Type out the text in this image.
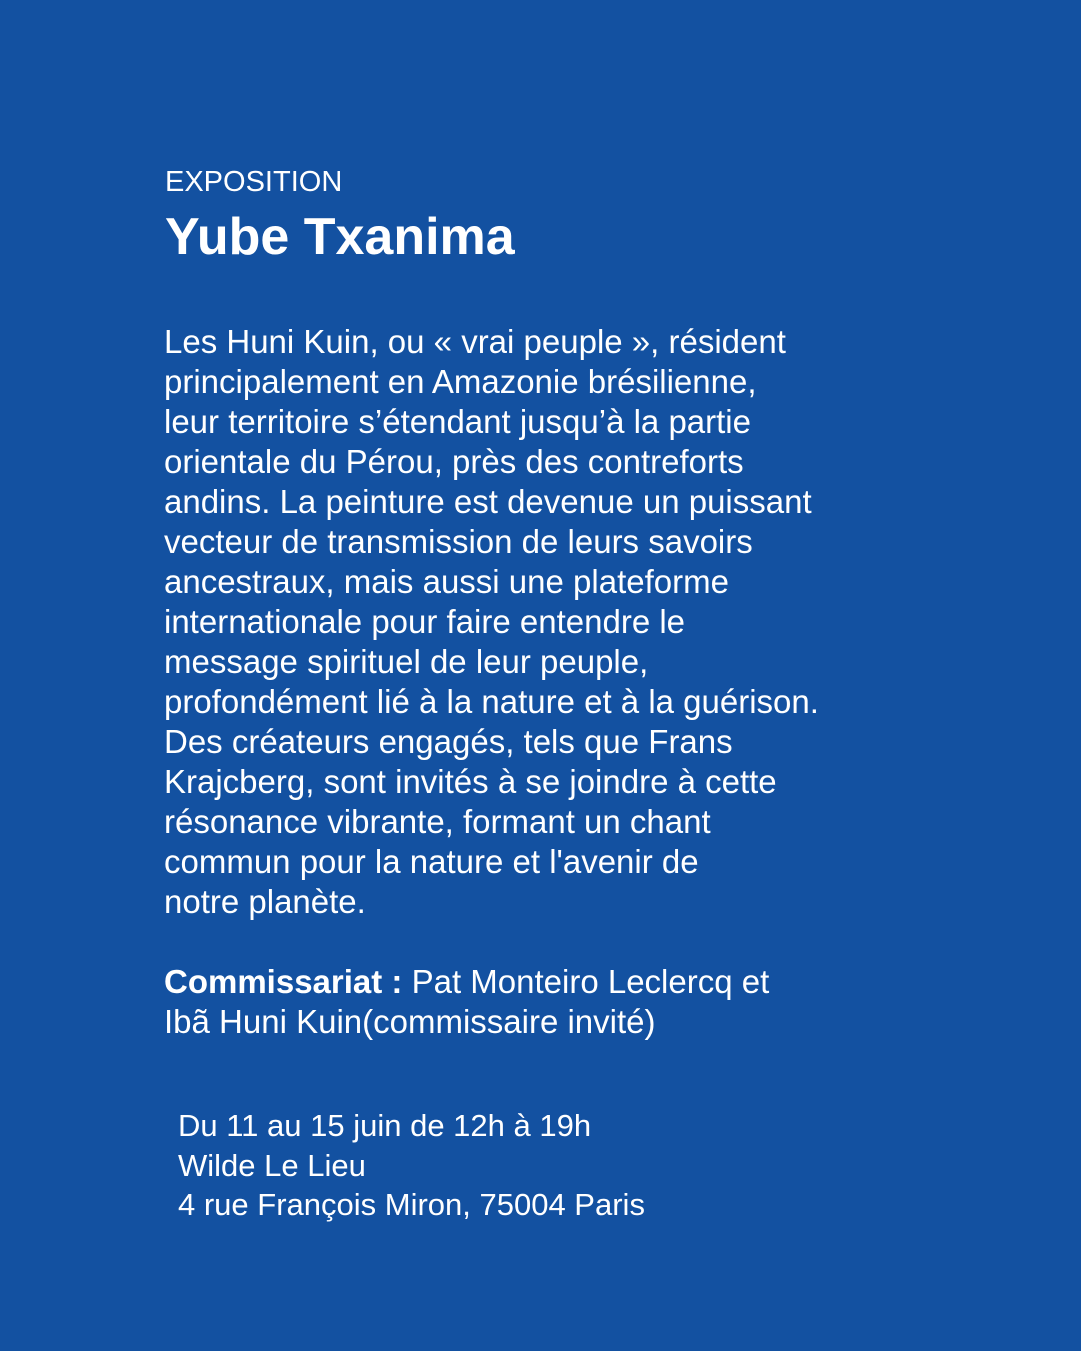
EXPOSITION

Yube Txanima

Les Huni Kuin, ou « vrai peuple », résident
principalement en Amazonie brésilienne,
leur territoire s’étendant jusqu’à la partie
orientale du Pérou, près des contreforts
andins. La peinture est devenue un puissant
vecteur de transmission de leurs savoirs
ancestraux, mais aussi une plateforme
internationale pour faire entendre le
message spirituel de leur peuple,
profondément lié à la nature et à la guérison.
Des créateurs engagés, tels que Frans
Krajcberg, sont invités à se joindre à cette
résonance vibrante, formant un chant
commun pour la nature et l'avenir de
notre planète.

Commissariat : Pat Monteiro Leclercq et
Ibã Huni Kuin(commissaire invité)

Du 11 au 15 juin de 12h à 19h
Wilde Le Lieu
4 rue François Miron, 75004 Paris
